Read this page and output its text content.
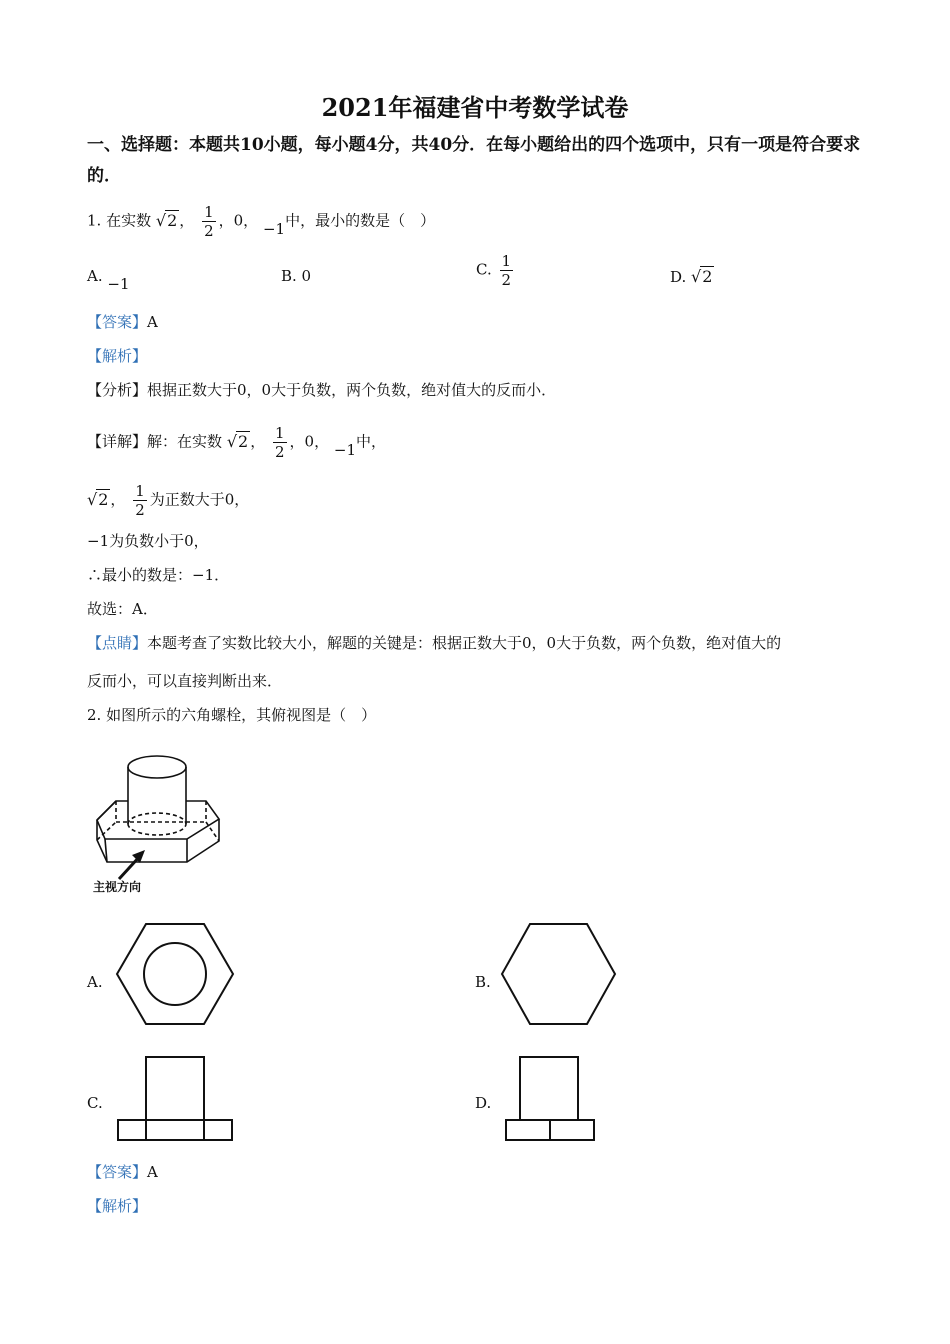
2021年福建省中考数学试卷
一、选择题：本题共10小题，每小题4分，共40分．在每小题给出的四个选项中，只有一项是符合要求的．
1. 在实数 √2 ， $\frac{1}{2}$ ，0， −1中，最小的数是（　）
A. −1	B. 0	C. $\frac{1}{2}$	D. √2
【答案】A
【解析】
【分析】根据正数大于0，0大于负数，两个负数，绝对值大的反而小．
【详解】解：在实数 √2 ， $\frac{1}{2}$ ，0， −1中，
√2 ， $\frac{1}{2}$ 为正数大于0，
−1为负数小于0，
∴最小的数是：−1．
故选：A．
【点睛】本题考查了实数比较大小，解题的关键是：根据正数大于0，0大于负数，两个负数，绝对值大的
反而小，可以直接判断出来．
2. 如图所示的六角螺栓，其俯视图是（　）
主视方向
A.	B.
C.	D.
【答案】A
【解析】
